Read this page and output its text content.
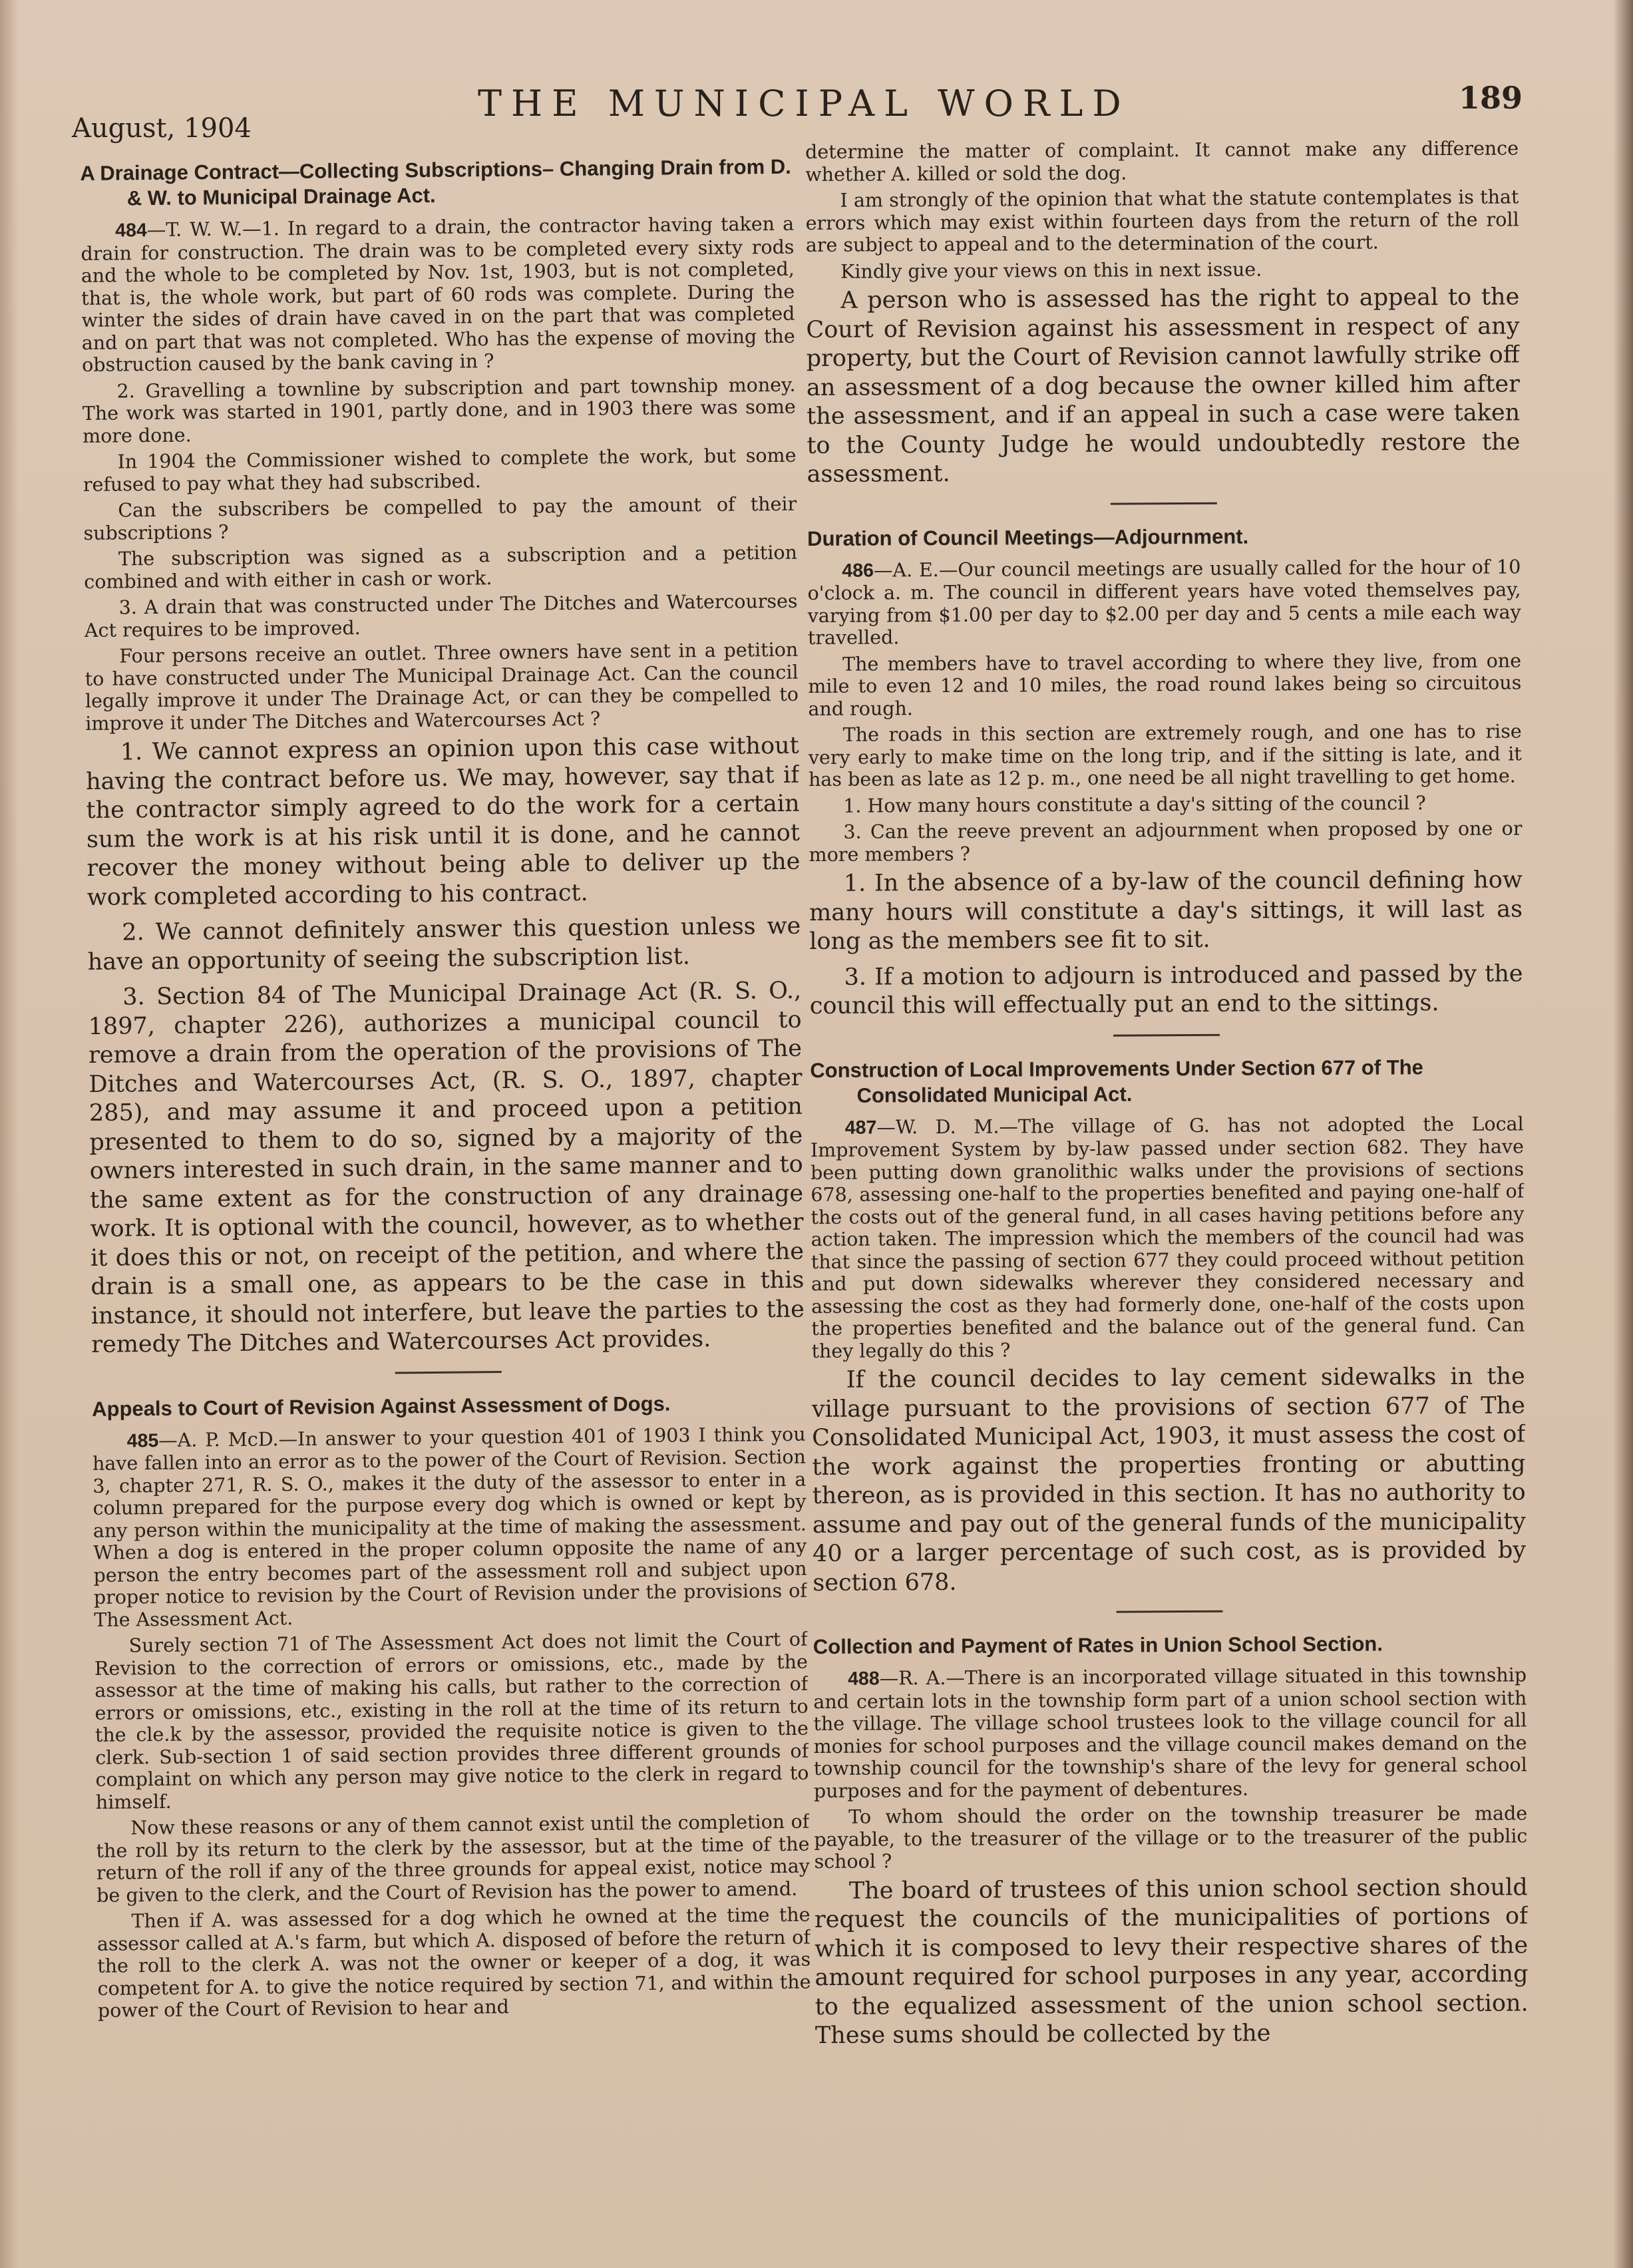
August, 1904
THE MUNICIPAL WORLD	189
A Drainage Contract—Collecting Subscriptions– Changing Drain from D. & W. to Municipal Drainage Act.

484—T. W. W.—1. In regard to a drain, the contractor having taken a drain for construction. The drain was to be completed every sixty rods and the whole to be completed by Nov. 1st, 1903, but is not completed, that is, the whole work, but part of 60 rods was complete. During the winter the sides of drain have caved in on the part that was completed and on part that was not completed. Who has the expense of moving the obstruction caused by the bank caving in ?

2. Gravelling a townline by subscription and part township money. The work was started in 1901, partly done, and in 1903 there was some more done.

In 1904 the Commissioner wished to complete the work, but some refused to pay what they had subscribed.

Can the subscribers be compelled to pay the amount of their subscriptions ?

The subscription was signed as a subscription and a petition combined and with either in cash or work.

3. A drain that was constructed under The Ditches and Watercourses Act requires to be improved.

Four persons receive an outlet. Three owners have sent in a petition to have constructed under The Municipal Drainage Act. Can the council legally improve it under The Drainage Act, or can they be compelled to improve it under The Ditches and Watercourses Act ?

1. We cannot express an opinion upon this case without having the contract before us. We may, however, say that if the contractor simply agreed to do the work for a certain sum the work is at his risk until it is done, and he cannot recover the money without being able to deliver up the work completed according to his contract.

2. We cannot definitely answer this question unless we have an opportunity of seeing the subscription list.

3. Section 84 of The Municipal Drainage Act (R. S. O., 1897, chapter 226), authorizes a municipal council to remove a drain from the operation of the provisions of The Ditches and Watercourses Act, (R. S. O., 1897, chapter 285), and may assume it and proceed upon a petition presented to them to do so, signed by a majority of the owners interested in such drain, in the same manner and to the same extent as for the construction of any drainage work. It is optional with the council, however, as to whether it does this or not, on receipt of the petition, and where the drain is a small one, as appears to be the case in this instance, it should not interfere, but leave the parties to the remedy The Ditches and Watercourses Act provides.

Appeals to Court of Revision Against Assessment of Dogs.

485—A. P. McD.—In answer to your question 401 of 1903 I think you have fallen into an error as to the power of the Court of Revision. Section 3, chapter 271, R. S. O., makes it the duty of the assessor to enter in a column prepared for the purpose every dog which is owned or kept by any person within the municipality at the time of making the assessment. When a dog is entered in the proper column opposite the name of any person the entry becomes part of the assessment roll and subject upon proper notice to revision by the Court of Revision under the provisions of The Assessment Act.

Surely section 71 of The Assessment Act does not limit the Court of Revision to the correction of errors or omissions, etc., made by the assessor at the time of making his calls, but rather to the correction of errors or omissions, etc., existing in the roll at the time of its return to the cle.k by the assessor, provided the requisite notice is given to the clerk. Sub-section 1 of said section provides three different grounds of complaint on which any person may give notice to the clerk in regard to himself.

Now these reasons or any of them cannot exist until the completion of the roll by its return to the clerk by the assessor, but at the time of the return of the roll if any of the three grounds for appeal exist, notice may be given to the clerk, and the Court of Revision has the power to amend.

Then if A. was assessed for a dog which he owned at the time the assessor called at A.'s farm, but which A. disposed of before the return of the roll to the clerk A. was not the owner or keeper of a dog, it was competent for A. to give the notice required by section 71, and within the power of the Court of Revision to hear and

determine the matter of complaint. It cannot make any difference whether A. killed or sold the dog.

I am strongly of the opinion that what the statute contemplates is that errors which may exist within fourteen days from the return of the roll are subject to appeal and to the determination of the court.

Kindly give your views on this in next issue.

A person who is assessed has the right to appeal to the Court of Revision against his assessment in respect of any property, but the Court of Revision cannot lawfully strike off an assessment of a dog because the owner killed him after the assessment, and if an appeal in such a case were taken to the County Judge he would undoubtedly restore the assessment.

Duration of Council Meetings—Adjournment.

486—A. E.—Our council meetings are usually called for the hour of 10 o'clock a. m. The council in different years have voted themselves pay, varying from $1.00 per day to $2.00 per day and 5 cents a mile each way travelled.

The members have to travel according to where they live, from one mile to even 12 and 10 miles, the road round lakes being so circuitous and rough.

The roads in this section are extremely rough, and one has to rise very early to make time on the long trip, and if the sitting is late, and it has been as late as 12 p. m., one need be all night travelling to get home.

1. How many hours constitute a day's sitting of the council ?

3. Can the reeve prevent an adjournment when proposed by one or more members ?

1. In the absence of a by-law of the council defining how many hours will constitute a day's sittings, it will last as long as the members see fit to sit.

3. If a motion to adjourn is introduced and passed by the council this will effectually put an end to the sittings.

Construction of Local Improvements Under Section 677 of The Consolidated Municipal Act.

487—W. D. M.—The village of G. has not adopted the Local Improvement System by by-law passed under section 682. They have been putting down granolithic walks under the provisions of sections 678, assessing one-half to the properties benefited and paying one-half of the costs out of the general fund, in all cases having petitions before any action taken. The impression which the members of the council had was that since the passing of section 677 they could proceed without petition and put down sidewalks wherever they considered necessary and assessing the cost as they had formerly done, one-half of the costs upon the properties benefited and the balance out of the general fund. Can they legally do this ?

If the council decides to lay cement sidewalks in the village pursuant to the provisions of section 677 of The Consolidated Municipal Act, 1903, it must assess the cost of the work against the properties fronting or abutting thereon, as is provided in this section. It has no authority to assume and pay out of the general funds of the municipality 40 or a larger percentage of such cost, as is provided by section 678.

Collection and Payment of Rates in Union School Section.

488—R. A.—There is an incorporated village situated in this township and certain lots in the township form part of a union school section with the village. The village school trustees look to the village council for all monies for school purposes and the village council makes demand on the township council for the township's share of the levy for general school purposes and for the payment of debentures.

To whom should the order on the township treasurer be made payable, to the treasurer of the village or to the treasurer of the public school ?

The board of trustees of this union school section should request the councils of the municipalities of portions of which it is composed to levy their respective shares of the amount required for school purposes in any year, according to the equalized assessment of the union school section. These sums should be collected by the
